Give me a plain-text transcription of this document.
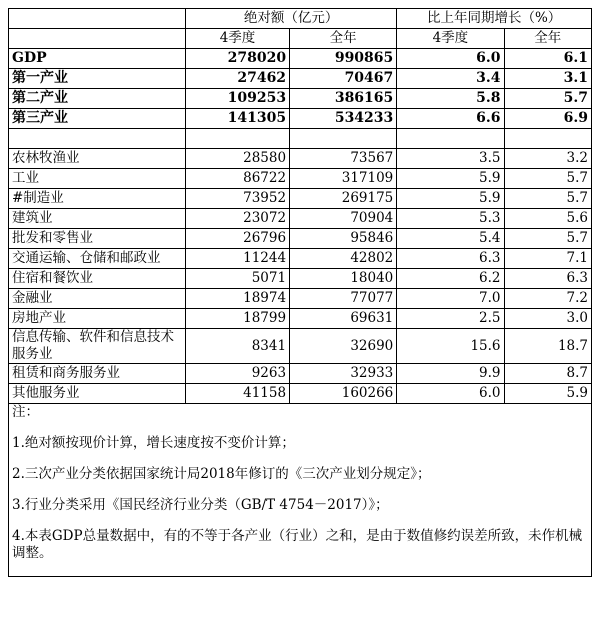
	绝对额（亿元）		比上年同期增长（%）	
	4季度	全年	4季度	全年
GDP	278020	990865	6.0	6.1
第一产业	27462	70467	3.4	3.1
第二产业	109253	386165	5.8	5.7
第三产业	141305	534233	6.6	6.9

农林牧渔业	28580	73567	3.5	3.2
工业	86722	317109	5.9	5.7
#制造业	73952	269175	5.9	5.7
建筑业	23072	70904	5.3	5.6
批发和零售业	26796	95846	5.4	5.7
交通运输、仓储和邮政业	11244	42802	6.3	7.1
住宿和餐饮业	5071	18040	6.2	6.3
金融业	18974	77077	7.0	7.2
房地产业	18799	69631	2.5	3.0
信息传输、软件和信息技术服务业	8341	32690	15.6	18.7
租赁和商务服务业	9263	32933	9.9	8.7
其他服务业	41158	160266	6.0	5.9

注：
1.绝对额按现价计算，增长速度按不变价计算；
2.三次产业分类依据国家统计局2018年修订的《三次产业划分规定》；
3.行业分类采用《国民经济行业分类（GB/T 4754－2017）》；
4.本表GDP总量数据中，有的不等于各产业（行业）之和，是由于数值修约误差所致，未作机械调整。				
